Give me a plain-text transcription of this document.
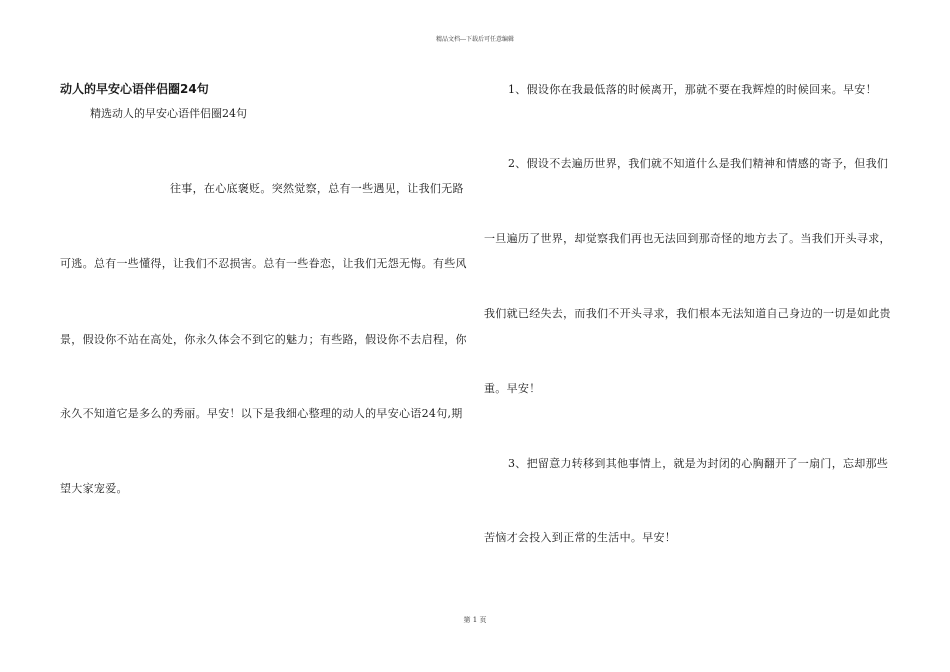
精品文档---下载后可任意编辑
动人的早安心语伴侣圈24句
精选动人的早安心语伴侣圈24句
往事，在心底褒贬。突然觉察，总有一些遇见，让我们无路
可逃。总有一些懂得，让我们不忍损害。总有一些眷恋，让我们无怨无悔。有些风
景，假设你不站在高处，你永久体会不到它的魅力；有些路，假设你不去启程，你
永久不知道它是多么的秀丽。早安！以下是我细心整理的动人的早安心语24句,期
望大家宠爱。
1、假设你在我最低落的时候离开，那就不要在我辉煌的时候回来。早安！
2、假设不去遍历世界，我们就不知道什么是我们精神和情感的寄予，但我们
一旦遍历了世界，却觉察我们再也无法回到那奇怪的地方去了。当我们开头寻求，
我们就已经失去，而我们不开头寻求，我们根本无法知道自己身边的一切是如此贵
重。早安！
3、把留意力转移到其他事情上，就是为封闭的心胸翻开了一扇门，忘却那些
苦恼才会投入到正常的生活中。早安！
第 1 页
